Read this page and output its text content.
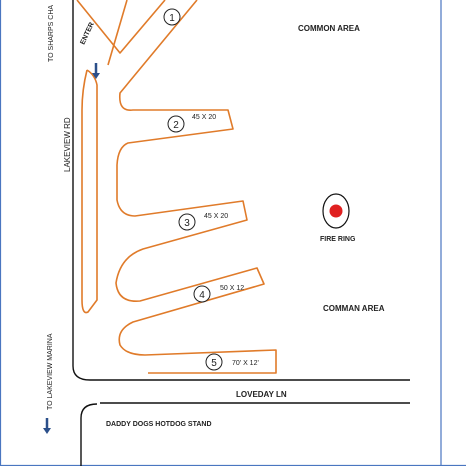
TO SHARPS CHA
LAKEVIEW RD
TO LAKEVIEW MARINA	LOVEDAY LN
ENTER	COMMON AREA
COMMAN AREA
DADDY DOGS HOTDOG STAND
FIRE RING
1
2
45 X 20
3
45 X 20
4
50 X 12
5 70' X 12'
